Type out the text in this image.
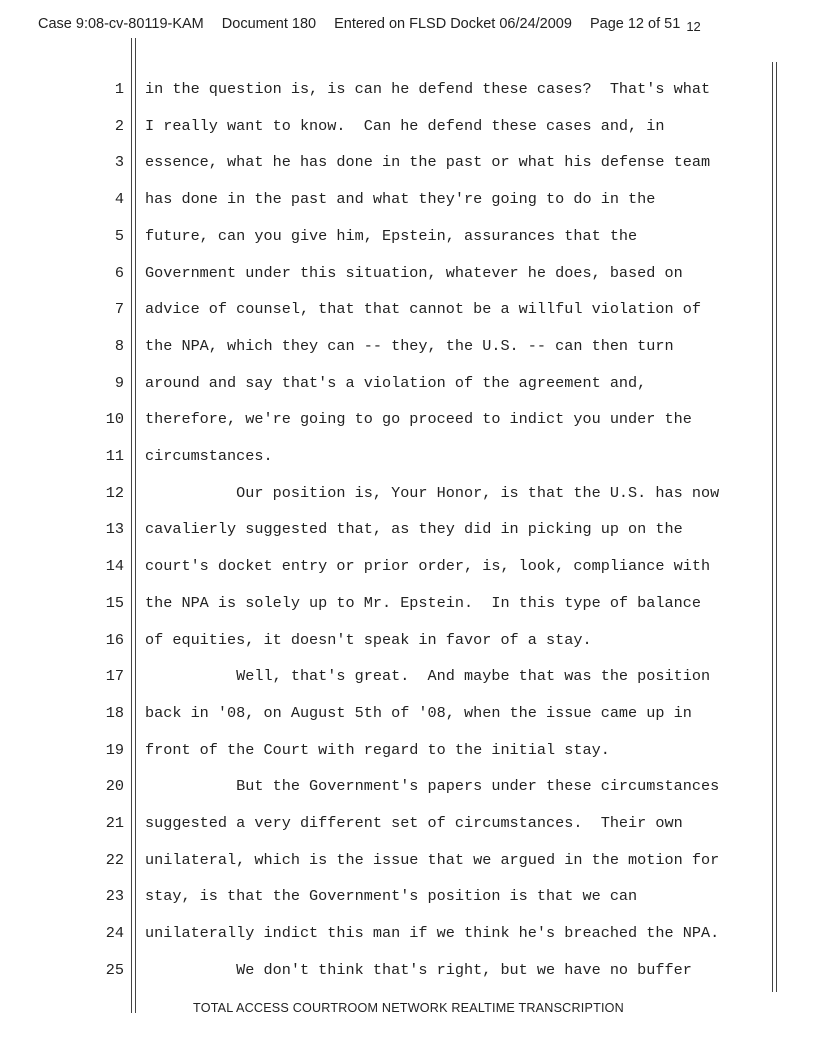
Case 9:08-cv-80119-KAM Document 180 Entered on FLSD Docket 06/24/2009 Page 12 of 51 12
1 in the question is, is can he defend these cases?  That's what
2 I really want to know.  Can he defend these cases and, in
3 essence, what he has done in the past or what his defense team
4 has done in the past and what they're going to do in the
5 future, can you give him, Epstein, assurances that the
6 Government under this situation, whatever he does, based on
7 advice of counsel, that that cannot be a willful violation of
8 the NPA, which they can -- they, the U.S. -- can then turn
9 around and say that's a violation of the agreement and,
10 therefore, we're going to go proceed to indict you under the
11 circumstances.
12 Our position is, Your Honor, is that the U.S. has now
13 cavalierly suggested that, as they did in picking up on the
14 court's docket entry or prior order, is, look, compliance with
15 the NPA is solely up to Mr. Epstein.  In this type of balance
16 of equities, it doesn't speak in favor of a stay.
17 Well, that's great.  And maybe that was the position
18 back in '08, on August 5th of '08, when the issue came up in
19 front of the Court with regard to the initial stay.
20 But the Government's papers under these circumstances
21 suggested a very different set of circumstances.  Their own
22 unilateral, which is the issue that we argued in the motion for
23 stay, is that the Government's position is that we can
24 unilaterally indict this man if we think he's breached the NPA.
25 We don't think that's right, but we have no buffer
TOTAL ACCESS COURTROOM NETWORK REALTIME TRANSCRIPTION
